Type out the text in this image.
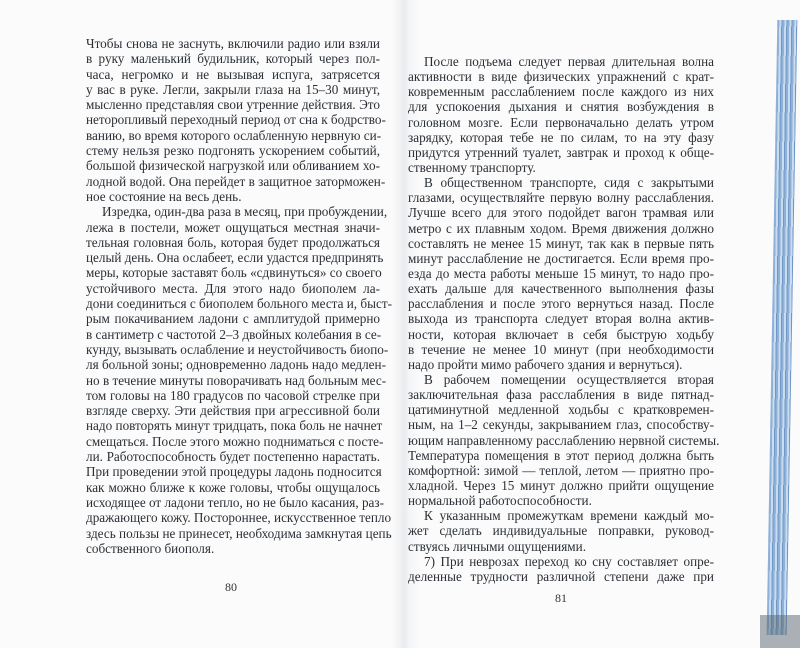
Чтобы снова не заснуть, включили радио или взяли
в руку маленький будильник, который через пол-
часа, негромко и не вызывая испуга, затрясется
у вас в руке. Легли, закрыли глаза на 15–30 минут,
мысленно представляя свои утренние действия. Это
неторопливый переходный период от сна к бодрство-
ванию, во время которого ослабленную нервную си-
стему нельзя резко подгонять ускорением событий,
большой физической нагрузкой или обливанием хо-
лодной водой. Она перейдет в защитное заторможен-
ное состояние на весь день.
Изредка, один-два раза в месяц, при пробуждении,
лежа в постели, может ощущаться местная значи-
тельная головная боль, которая будет продолжаться
целый день. Она ослабеет, если удастся предпринять
меры, которые заставят боль «сдвинуться» со своего
устойчивого места. Для этого надо биополем ла-
дони соединиться с биополем больного места и, быст-
рым покачиванием ладони с амплитудой примерно
в сантиметр с частотой 2–3 двойных колебания в се-
кунду, вызывать ослабление и неустойчивость биопо-
ля больной зоны; одновременно ладонь надо медлен-
но в течение минуты поворачивать над больным мес-
том головы на 180 градусов по часовой стрелке при
взгляде сверху. Эти действия при агрессивной боли
надо повторять минут тридцать, пока боль не начнет
смещаться. После этого можно подниматься с посте-
ли. Работоспособность будет постепенно нарастать.
При проведении этой процедуры ладонь подносится
как можно ближе к коже головы, чтобы ощущалось
исходящее от ладони тепло, но не было касания, раз-
дражающего кожу. Постороннее, искусственное тепло
здесь пользы не принесет, необходима замкнутая цепь
собственного биополя.
После подъема следует первая длительная волна
активности в виде физических упражнений с крат-
ковременным расслаблением после каждого из них
для успокоения дыхания и снятия возбуждения в
головном мозге. Если первоначально делать утром
зарядку, которая тебе не по силам, то на эту фазу
придутся утренний туалет, завтрак и проход к обще-
ственному транспорту.
В общественном транспорте, сидя с закрытыми
глазами, осуществляйте первую волну расслабления.
Лучше всего для этого подойдет вагон трамвая или
метро с их плавным ходом. Время движения должно
составлять не менее 15 минут, так как в первые пять
минут расслабление не достигается. Если время про-
езда до места работы меньше 15 минут, то надо про-
ехать дальше для качественного выполнения фазы
расслабления и после этого вернуться назад. После
выхода из транспорта следует вторая волна актив-
ности, которая включает в себя быструю ходьбу
в течение не менее 10 минут (при необходимости
надо пройти мимо рабочего здания и вернуться).
В рабочем помещении осуществляется вторая
заключительная фаза расслабления в виде пятнад-
цатиминутной медленной ходьбы с кратковремен-
ным, на 1–2 секунды, закрыванием глаз, способству-
ющим направленному расслаблению нервной системы.
Температура помещения в этот период должна быть
комфортной: зимой — теплой, летом — приятно про-
хладной. Через 15 минут должно прийти ощущение
нормальной работоспособности.
К указанным промежуткам времени каждый мо-
жет сделать индивидуальные поправки, руковод-
ствуясь личными ощущениями.
7) При неврозах переход ко сну составляет опре-
деленные трудности различной степени даже при
80
81
